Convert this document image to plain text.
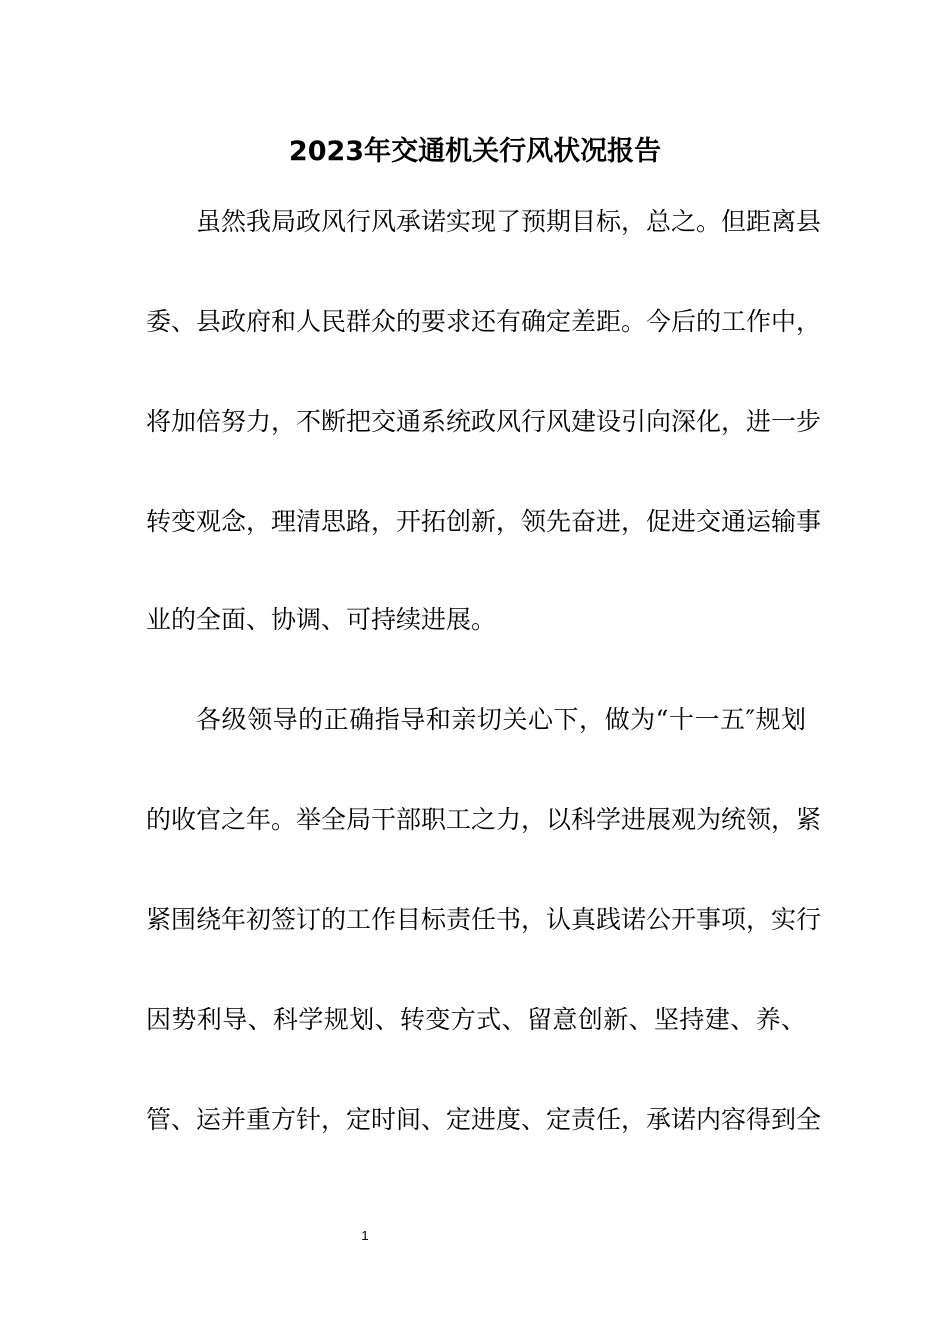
2023年交通机关行风状况报告
虽然我局政风行风承诺实现了预期目标，总之。但距离县
委、县政府和人民群众的要求还有确定差距。今后的工作中，
将加倍努力，不断把交通系统政风行风建设引向深化，进一步
转变观念，理清思路，开拓创新，领先奋进，促进交通运输事
业的全面、协调、可持续进展。
各级领导的正确指导和亲切关心下，做为“十一五″规划
的收官之年。举全局干部职工之力，以科学进展观为统领，紧
紧围绕年初签订的工作目标责任书，认真践诺公开事项，实行
因势利导、科学规划、转变方式、留意创新、坚持建、养、
管、运并重方针，定时间、定进度、定责任，承诺内容得到全
1
